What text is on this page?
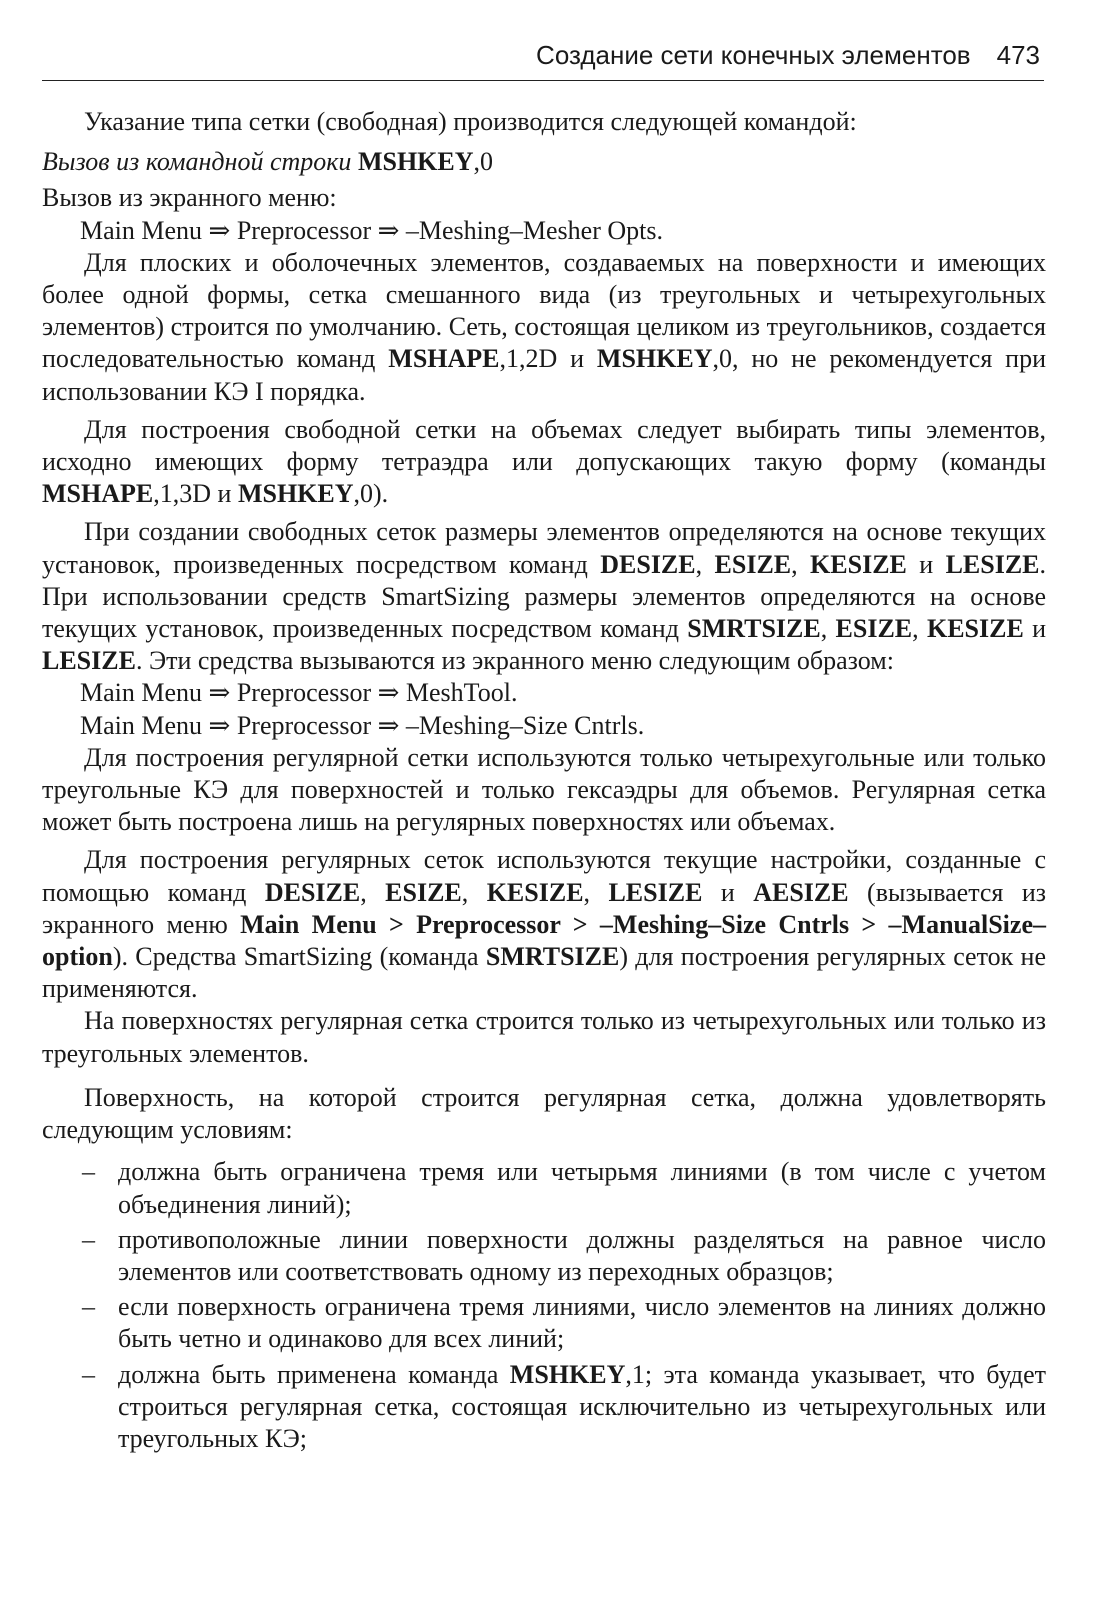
Создание сети конечных элементов 473

Указание типа сетки (свободная) производится следующей командой:

Вызов из командной строки MSHKEY,0

Вызов из экранного меню:

Main Menu ⇒ Preprocessor ⇒ –Meshing–Mesher Opts.

Для плоских и оболочечных элементов, создаваемых на поверхности и имеющих более одной формы, сетка смешанного вида (из треугольных и четырехугольных элементов) строится по умолчанию. Сеть, состоящая целиком из треугольников, создается последовательностью команд MSHAPE,1,2D и MSHKEY,0, но не рекомендуется при использовании КЭ I порядка.

Для построения свободной сетки на объемах следует выбирать типы элементов, исходно имеющих форму тетраэдра или допускающих такую форму (команды MSHAPE,1,3D и MSHKEY,0).

При создании свободных сеток размеры элементов определяются на основе текущих установок, произведенных посредством команд DESIZE, ESIZE, KESIZE и LESIZE. При использовании средств SmartSizing размеры элементов определяются на основе текущих установок, произведенных посредством команд SMRTSIZE, ESIZE, KESIZE и LESIZE. Эти средства вызываются из экранного меню следующим образом:

Main Menu ⇒ Preprocessor ⇒ MeshTool.

Main Menu ⇒ Preprocessor ⇒ –Meshing–Size Cntrls.

Для построения регулярной сетки используются только четырехугольные или только треугольные КЭ для поверхностей и только гексаэдры для объемов. Регулярная сетка может быть построена лишь на регулярных поверхностях или объемах.

Для построения регулярных сеток используются текущие настройки, созданные с помощью команд DESIZE, ESIZE, KESIZE, LESIZE и AESIZE (вызывается из экранного меню Main Menu > Preprocessor > –Meshing–Size Cntrls > –ManualSize–option). Средства SmartSizing (команда SMRTSIZE) для построения регулярных сеток не применяются.

На поверхностях регулярная сетка строится только из четырехугольных или только из треугольных элементов.

Поверхность, на которой строится регулярная сетка, должна удовлетворять следующим условиям:

– должна быть ограничена тремя или четырьмя линиями (в том числе с учетом объединения линий);
– противоположные линии поверхности должны разделяться на равное число элементов или соответствовать одному из переходных образцов;
– если поверхность ограничена тремя линиями, число элементов на линиях должно быть четно и одинаково для всех линий;
– должна быть применена команда MSHKEY,1; эта команда указывает, что будет строиться регулярная сетка, состоящая исключительно из четырехугольных или треугольных КЭ;
